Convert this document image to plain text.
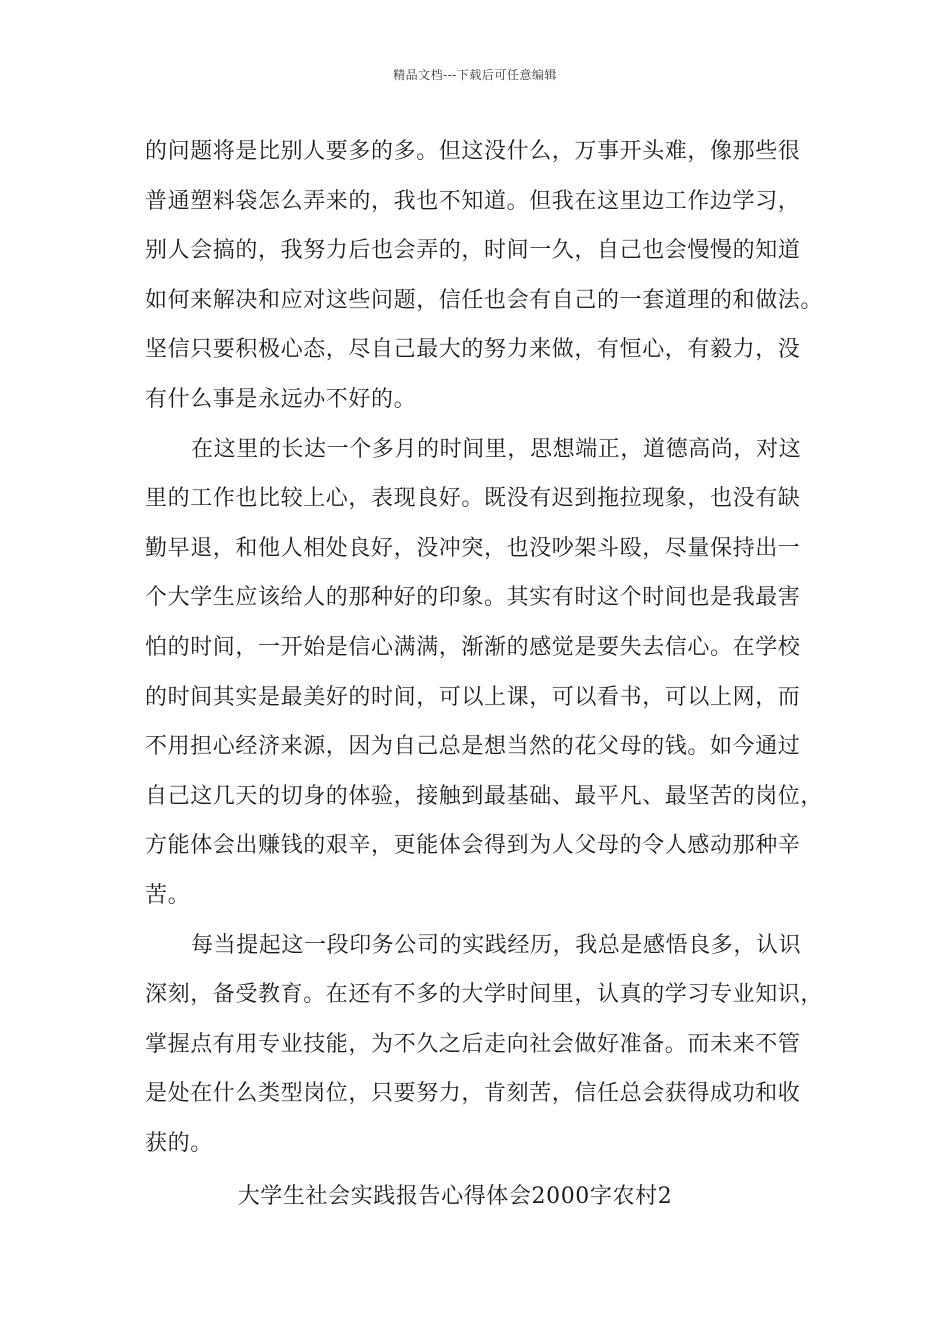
精品文档---下载后可任意编辑
的问题将是比别人要多的多。但这没什么，万事开头难，像那些很
普通塑料袋怎么弄来的，我也不知道。但我在这里边工作边学习，
别人会搞的，我努力后也会弄的，时间一久，自己也会慢慢的知道
如何来解决和应对这些问题，信任也会有自己的一套道理的和做法。
坚信只要积极心态，尽自己最大的努力来做，有恒心，有毅力，没
有什么事是永远办不好的。
在这里的长达一个多月的时间里，思想端正，道德高尚，对这
里的工作也比较上心，表现良好。既没有迟到拖拉现象，也没有缺
勤早退，和他人相处良好，没冲突，也没吵架斗殴，尽量保持出一
个大学生应该给人的那种好的印象。其实有时这个时间也是我最害
怕的时间，一开始是信心满满，渐渐的感觉是要失去信心。在学校
的时间其实是最美好的时间，可以上课，可以看书，可以上网，而
不用担心经济来源，因为自己总是想当然的花父母的钱。如今通过
自己这几天的切身的体验，接触到最基础、最平凡、最坚苦的岗位，
方能体会出赚钱的艰辛，更能体会得到为人父母的令人感动那种辛
苦。
每当提起这一段印务公司的实践经历，我总是感悟良多，认识
深刻，备受教育。在还有不多的大学时间里，认真的学习专业知识，
掌握点有用专业技能，为不久之后走向社会做好准备。而未来不管
是处在什么类型岗位，只要努力，肯刻苦，信任总会获得成功和收
获的。
大学生社会实践报告心得体会2000字农村2
